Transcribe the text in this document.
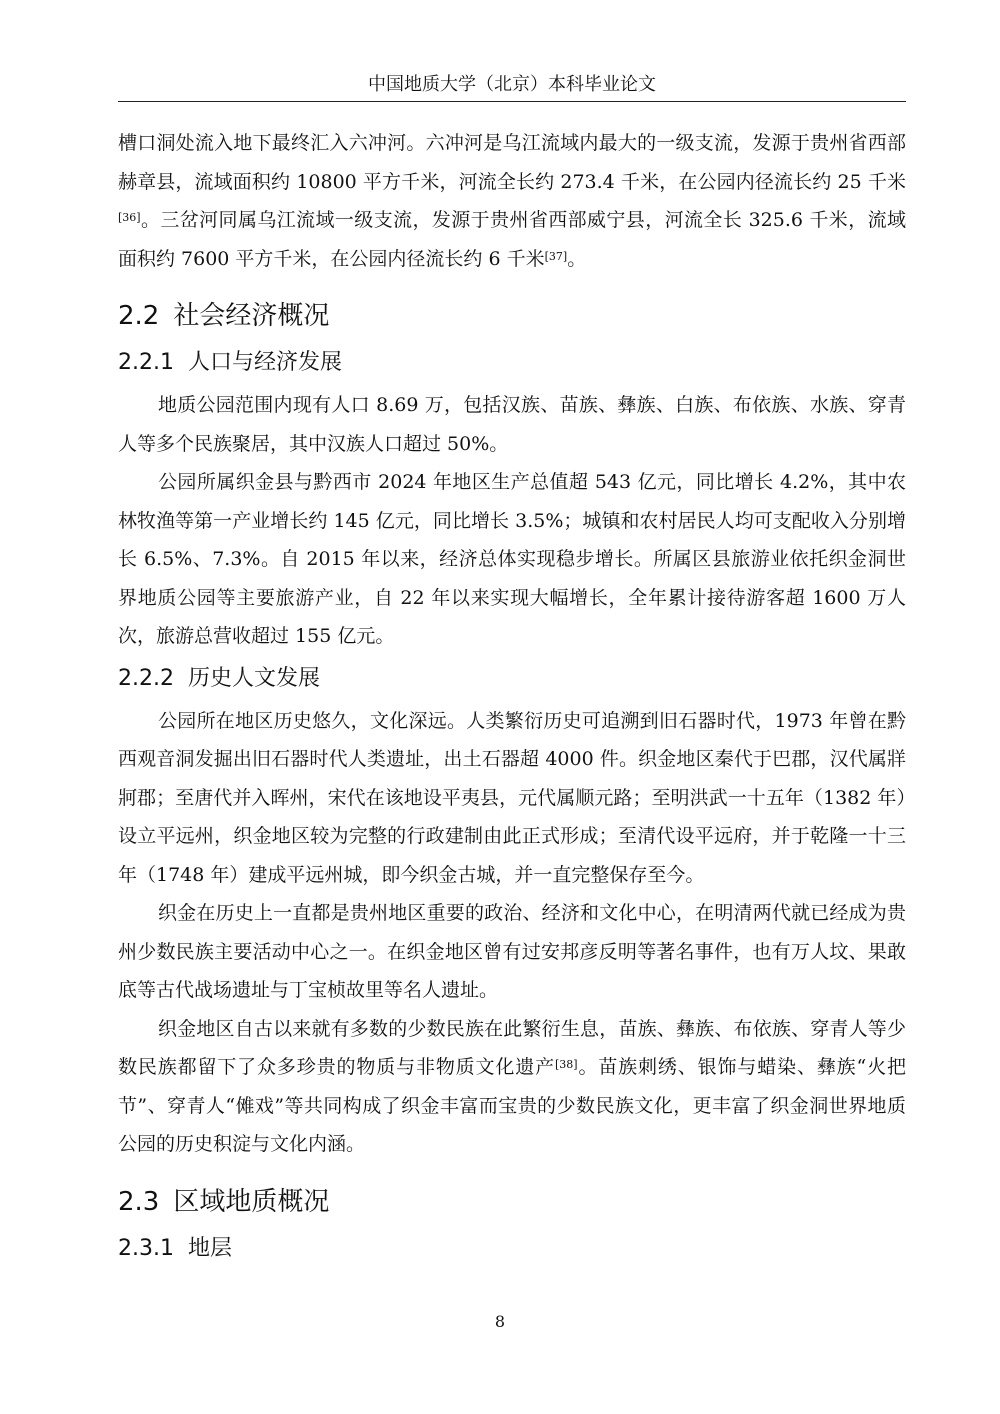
中国地质大学（北京）本科毕业论文

槽口洞处流入地下最终汇入六冲河。六冲河是乌江流域内最大的一级支流，发源于贵州省西部赫章县，流域面积约 10800 平方千米，河流全长约 273.4 千米，在公园内径流长约 25 千米[36]。三岔河同属乌江流域一级支流，发源于贵州省西部威宁县，河流全长 325.6 千米，流域面积约 7600 平方千米，在公园内径流长约 6 千米[37]。

2.2 社会经济概况
2.2.1 人口与经济发展

地质公园范围内现有人口 8.69 万，包括汉族、苗族、彝族、白族、布依族、水族、穿青人等多个民族聚居，其中汉族人口超过 50%。

公园所属织金县与黔西市 2024 年地区生产总值超 543 亿元，同比增长 4.2%，其中农林牧渔等第一产业增长约 145 亿元，同比增长 3.5%；城镇和农村居民人均可支配收入分别增长 6.5%、7.3%。自 2015 年以来，经济总体实现稳步增长。所属区县旅游业依托织金洞世界地质公园等主要旅游产业，自 22 年以来实现大幅增长，全年累计接待游客超 1600 万人次，旅游总营收超过 155 亿元。

2.2.2 历史人文发展

公园所在地区历史悠久，文化深远。人类繁衍历史可追溯到旧石器时代，1973 年曾在黔西观音洞发掘出旧石器时代人类遗址，出土石器超 4000 件。织金地区秦代于巴郡，汉代属牂牁郡；至唐代并入晖州，宋代在该地设平夷县，元代属顺元路；至明洪武一十五年（1382 年）设立平远州，织金地区较为完整的行政建制由此正式形成；至清代设平远府，并于乾隆一十三年（1748 年）建成平远州城，即今织金古城，并一直完整保存至今。

织金在历史上一直都是贵州地区重要的政治、经济和文化中心，在明清两代就已经成为贵州少数民族主要活动中心之一。在织金地区曾有过安邦彦反明等著名事件，也有万人坟、果敢底等古代战场遗址与丁宝桢故里等名人遗址。

织金地区自古以来就有多数的少数民族在此繁衍生息，苗族、彝族、布依族、穿青人等少数民族都留下了众多珍贵的物质与非物质文化遗产[38]。苗族刺绣、银饰与蜡染、彝族“火把节”、穿青人“傩戏”等共同构成了织金丰富而宝贵的少数民族文化，更丰富了织金洞世界地质公园的历史积淀与文化内涵。

2.3 区域地质概况
2.3.1 地层
8
